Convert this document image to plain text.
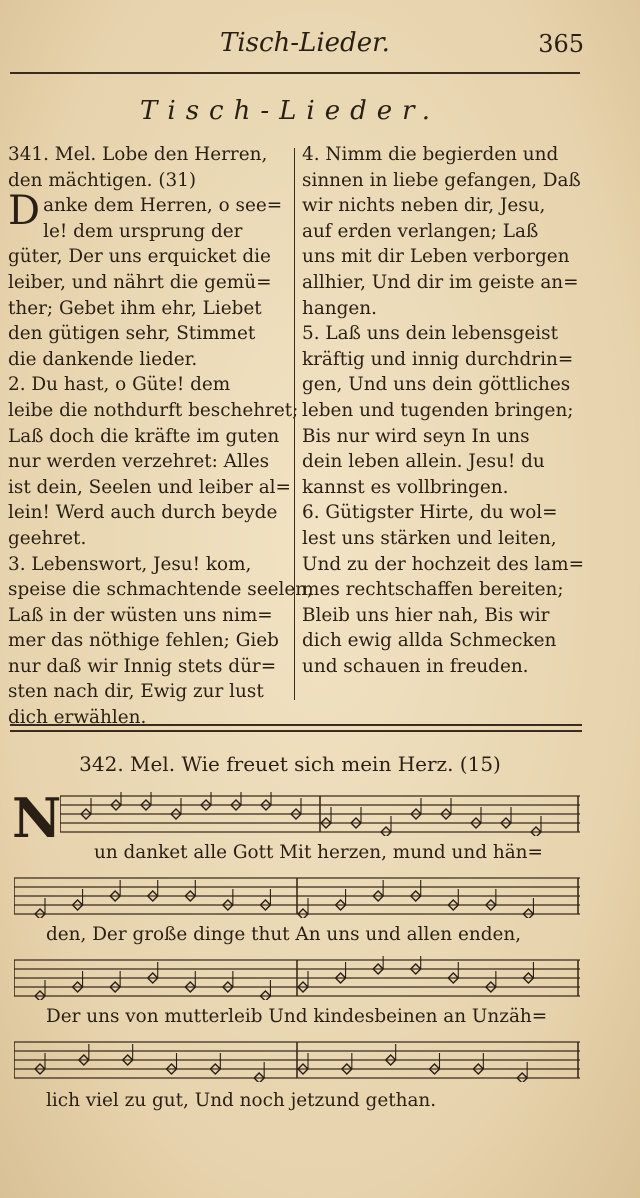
Tisch-Lieder.	365
Tisch-Lieder.
341. Mel. Lobe den Herren,
den mächtigen. (31)
Danke dem Herren, o see=
le! dem ursprung der
güter, Der uns erquicket die
leiber, und nährt die gemü=
ther; Gebet ihm ehr, Liebet
den gütigen sehr, Stimmet
die dankende lieder.
2. Du hast, o Güte! dem
leibe die nothdurft beschehret;
Laß doch die kräfte im guten
nur werden verzehret: Alles
ist dein, Seelen und leiber al=
lein! Werd auch durch beyde
geehret.
3. Lebenswort, Jesu! kom,
speise die schmachtende seelen,
Laß in der wüsten uns nim=
mer das nöthige fehlen; Gieb
nur daß wir Innig stets dür=
sten nach dir, Ewig zur lust
dich erwählen.
4. Nimm die begierden und
sinnen in liebe gefangen, Daß
wir nichts neben dir, Jesu,
auf erden verlangen; Laß
uns mit dir Leben verborgen
allhier, Und dir im geiste an=
hangen.
5. Laß uns dein lebensgeist
kräftig und innig durchdrin=
gen, Und uns dein göttliches
leben und tugenden bringen;
Bis nur wird seyn In uns
dein leben allein. Jesu! du
kannst es vollbringen.
6. Gütigster Hirte, du wol=
lest uns stärken und leiten,
Und zu der hochzeit des lam=
mes rechtschaffen bereiten;
Bleib uns hier nah, Bis wir
dich ewig allda Schmecken
und schauen in freuden.
342. Mel. Wie freuet sich mein Herz. (15)
N
un danket alle Gott Mit herzen, mund und hän=
den, Der große dinge thut An uns und allen enden,
Der uns von mutterleib Und kindesbeinen an Unzäh=
lich viel zu gut, Und noch jetzund gethan.
